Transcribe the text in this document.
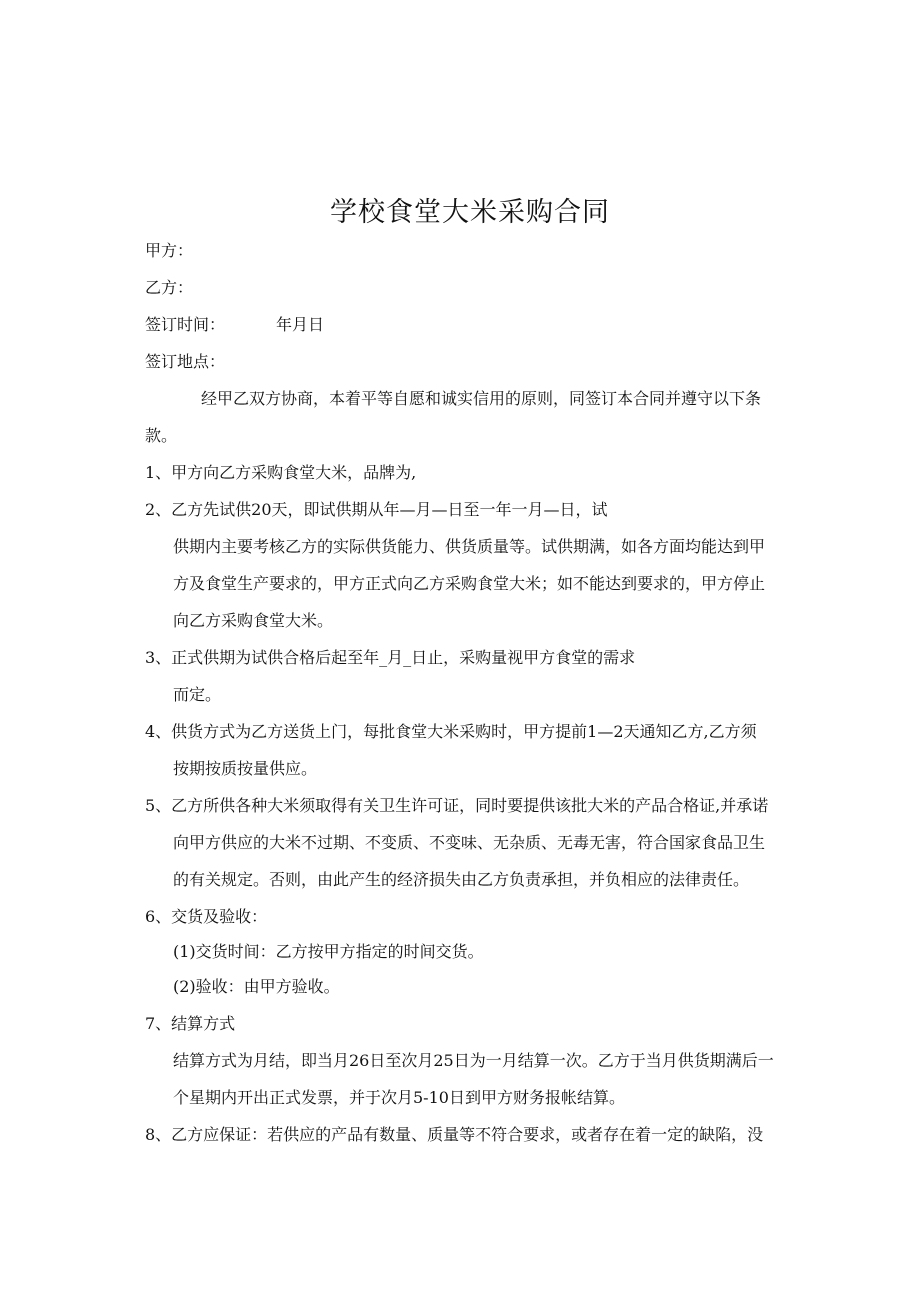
学校食堂大米采购合同
甲方：
乙方：
签订时间：	年月日
签订地点：
经甲乙双方协商，本着平等自愿和诚实信用的原则，同签订本合同并遵守以下条
款。
1、甲方向乙方采购食堂大米，品牌为,
2、乙方先试供20天，即试供期从年—月—日至一年一月—日，试
供期内主要考核乙方的实际供货能力、供货质量等。试供期满，如各方面均能达到甲
方及食堂生产要求的，甲方正式向乙方采购食堂大米；如不能达到要求的，甲方停止
向乙方采购食堂大米。
3、正式供期为试供合格后起至年_月_日止，采购量视甲方食堂的需求
而定。
4、供货方式为乙方送货上门，每批食堂大米采购时，甲方提前1—2天通知乙方,乙方须
按期按质按量供应。
5、乙方所供各种大米须取得有关卫生许可证，同时要提供该批大米的产品合格证,并承诺
向甲方供应的大米不过期、不变质、不变味、无杂质、无毒无害，符合国家食品卫生
的有关规定。否则，由此产生的经济损失由乙方负责承担，并负相应的法律责任。
6、交货及验收：
(1)交货时间：乙方按甲方指定的时间交货。
(2)验收：由甲方验收。
7、结算方式
结算方式为月结，即当月26日至次月25日为一月结算一次。乙方于当月供货期满后一
个星期内开出正式发票，并于次月5-10日到甲方财务报帐结算。
8、乙方应保证：若供应的产品有数量、质量等不符合要求，或者存在着一定的缺陷，没
